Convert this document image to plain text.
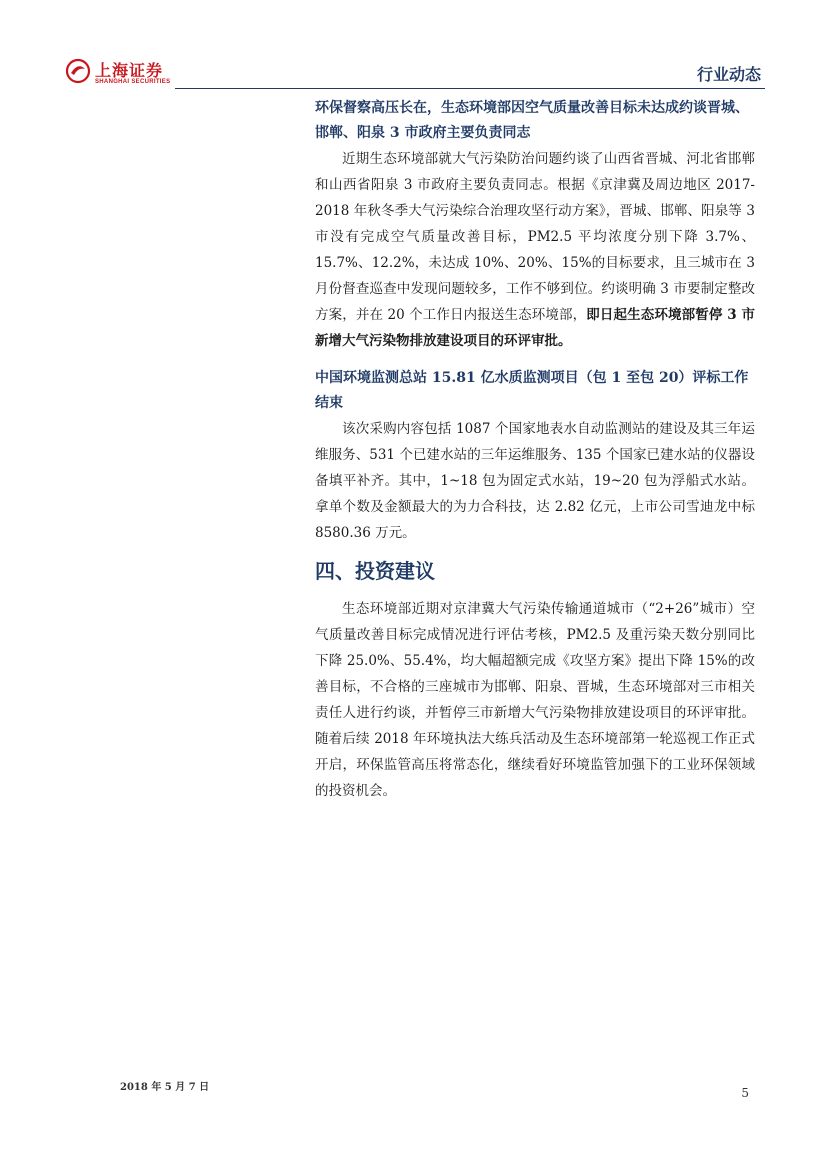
上海证券
SHANGHAI SECURITIES	行业动态

环保督察高压长在，生态环境部因空气质量改善目标未达成约谈晋城、邯郸、阳泉 3 市政府主要负责同志

近期生态环境部就大气污染防治问题约谈了山西省晋城、河北省邯郸和山西省阳泉 3 市政府主要负责同志。根据《京津冀及周边地区 2017-2018 年秋冬季大气污染综合治理攻坚行动方案》，晋城、邯郸、阳泉等 3 市没有完成空气质量改善目标，PM2.5 平均浓度分别下降 3.7%、15.7%、12.2%，未达成 10%、20%、15%的目标要求，且三城市在 3 月份督查巡查中发现问题较多，工作不够到位。约谈明确 3 市要制定整改方案，并在 20 个工作日内报送生态环境部，即日起生态环境部暂停 3 市新增大气污染物排放建设项目的环评审批。

中国环境监测总站 15.81 亿水质监测项目（包 1 至包 20）评标工作结束

该次采购内容包括 1087 个国家地表水自动监测站的建设及其三年运维服务、531 个已建水站的三年运维服务、135 个国家已建水站的仪器设备填平补齐。其中，1~18 包为固定式水站，19~20 包为浮船式水站。拿单个数及金额最大的为力合科技，达 2.82 亿元，上市公司雪迪龙中标 8580.36 万元。

四、投资建议

生态环境部近期对京津冀大气污染传输通道城市（“2+26”城市）空气质量改善目标完成情况进行评估考核，PM2.5 及重污染天数分别同比下降 25.0%、55.4%，均大幅超额完成《攻坚方案》提出下降 15%的改善目标，不合格的三座城市为邯郸、阳泉、晋城，生态环境部对三市相关责任人进行约谈，并暂停三市新增大气污染物排放建设项目的环评审批。随着后续 2018 年环境执法大练兵活动及生态环境部第一轮巡视工作正式开启，环保监管高压将常态化，继续看好环境监管加强下的工业环保领域的投资机会。

2018 年 5 月 7 日	5
